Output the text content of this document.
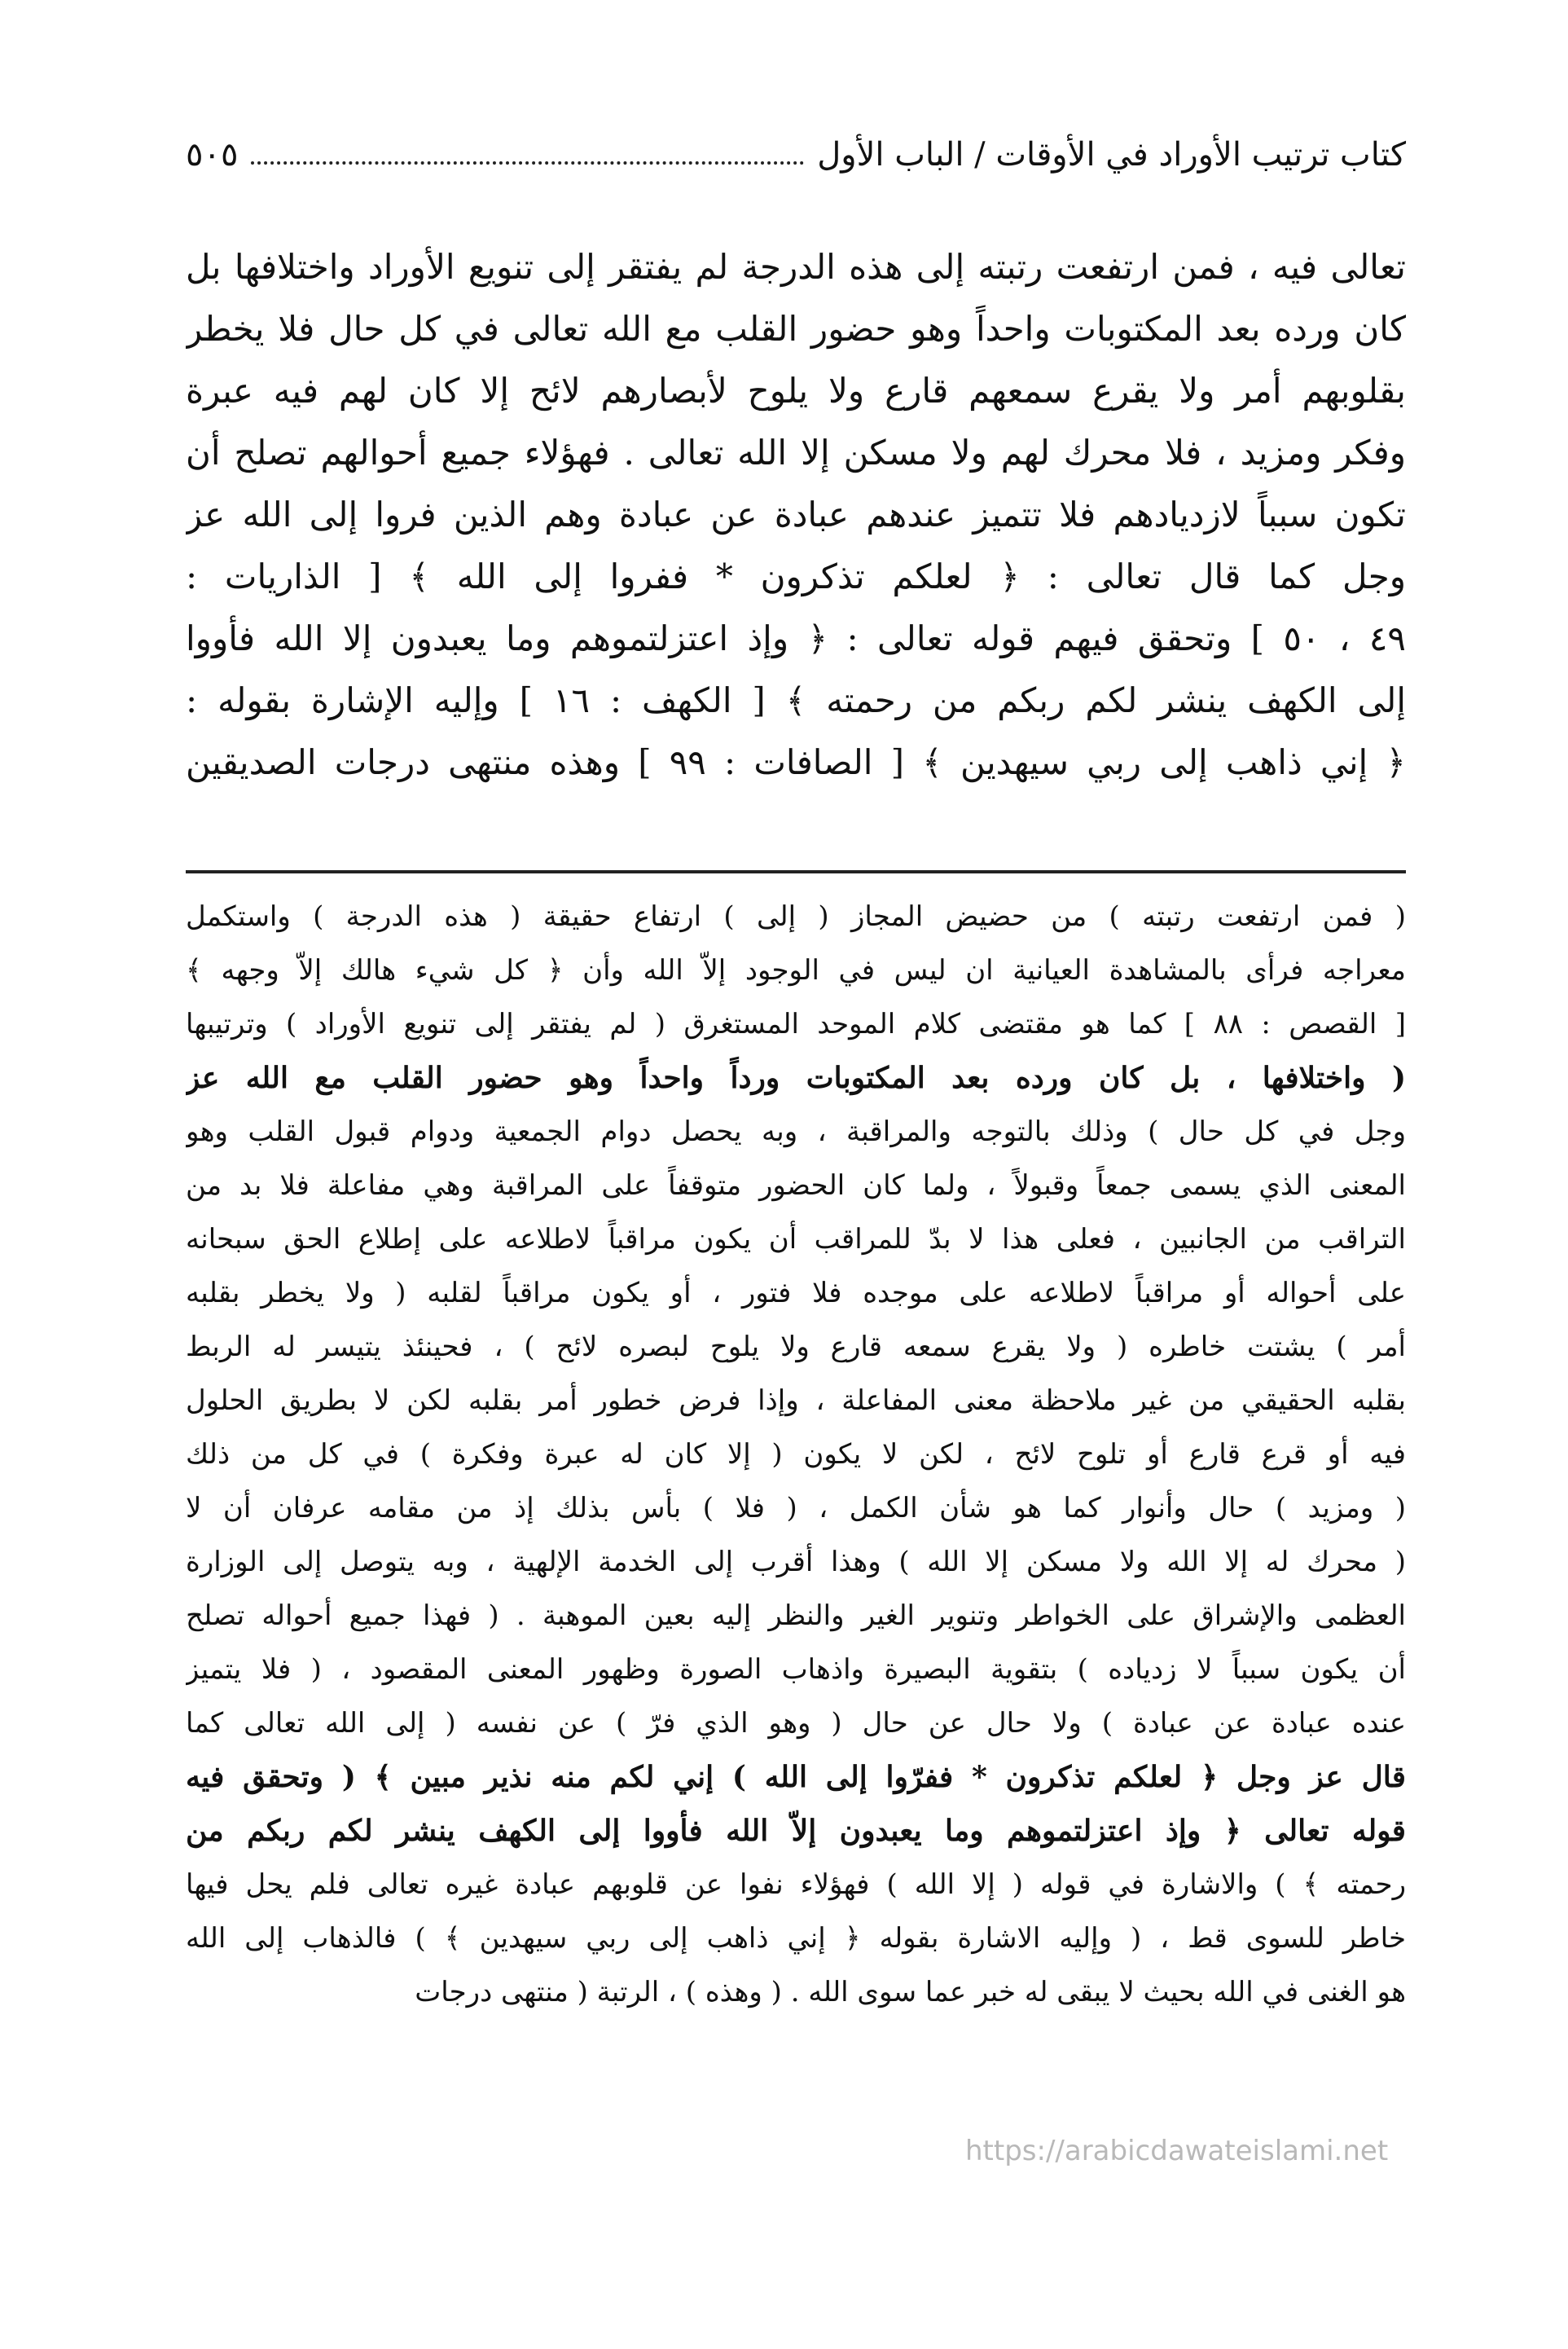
كتاب ترتيب الأوراد في الأوقات / الباب الأول
٥٠٥
تعالى فيه ، فمن ارتفعت رتبته إلى هذه الدرجة لم يفتقر إلى تنويع الأوراد واختلافها بل
كان ورده بعد المكتوبات واحداً وهو حضور القلب مع الله تعالى في كل حال فلا يخطر
بقلوبهم أمر ولا يقرع سمعهم قارع ولا يلوح لأبصارهم لائح إلا كان لهم فيه عبرة
وفكر ومزيد ، فلا محرك لهم ولا مسكن إلا الله تعالى . فهؤلاء جميع أحوالهم تصلح أن
تكون سبباً لازديادهم فلا تتميز عندهم عبادة عن عبادة وهم الذين فروا إلى الله عز
وجل كما قال تعالى : ﴿ لعلكم تذكرون * ففروا إلى الله ﴾ [ الذاريات :
٤٩ ، ٥٠ ] وتحقق فيهم قوله تعالى : ﴿ وإذ اعتزلتموهم وما يعبدون إلا الله فأووا
إلى الكهف ينشر لكم ربكم من رحمته ﴾ [ الكهف : ١٦ ] وإليه الإشارة بقوله :
﴿ إني ذاهب إلى ربي سيهدين ﴾ [ الصافات : ٩٩ ] وهذه منتهى درجات الصديقين
( فمن ارتفعت رتبته ) من حضيض المجاز ( إلى ) ارتفاع حقيقة ( هذه الدرجة ) واستكمل
معراجه فرأى بالمشاهدة العيانية ان ليس في الوجود إلاّ الله وأن ﴿ كل شيء هالك إلاّ وجهه ﴾
[ القصص : ٨٨ ] كما هو مقتضى كلام الموحد المستغرق ( لم يفتقر إلى تنويع الأوراد ) وترتيبها
( واختلافها ، بل كان ورده بعد المكتوبات ورداً واحداً وهو حضور القلب مع الله عز
وجل في كل حال ) وذلك بالتوجه والمراقبة ، وبه يحصل دوام الجمعية ودوام قبول القلب وهو
المعنى الذي يسمى جمعاً وقبولاً ، ولما كان الحضور متوقفاً على المراقبة وهي مفاعلة فلا بد من
التراقب من الجانبين ، فعلى هذا لا بدّ للمراقب أن يكون مراقباً لاطلاعه على إطلاع الحق سبحانه
على أحواله أو مراقباً لاطلاعه على موجده فلا فتور ، أو يكون مراقباً لقلبه ( ولا يخطر بقلبه
أمر ) يشتت خاطره ( ولا يقرع سمعه قارع ولا يلوح لبصره لائح ) ، فحينئذ يتيسر له الربط
بقلبه الحقيقي من غير ملاحظة معنى المفاعلة ، وإذا فرض خطور أمر بقلبه لكن لا بطريق الحلول
فيه أو قرع قارع أو تلوح لائح ، لكن لا يكون ( إلا كان له عبرة وفكرة ) في كل من ذلك
( ومزيد ) حال وأنوار كما هو شأن الكمل ، ( فلا ) بأس بذلك إذ من مقامه عرفان أن لا
( محرك له إلا الله ولا مسكن إلا الله ) وهذا أقرب إلى الخدمة الإلهية ، وبه يتوصل إلى الوزارة
العظمى والإشراق على الخواطر وتنوير الغير والنظر إليه بعين الموهبة . ( فهذا جميع أحواله تصلح
أن يكون سبباً لا زدياده ) بتقوية البصيرة واذهاب الصورة وظهور المعنى المقصود ، ( فلا يتميز
عنده عبادة عن عبادة ) ولا حال عن حال ( وهو الذي فرّ ) عن نفسه ( إلى الله تعالى كما
قال عز وجل ﴿ لعلكم تذكرون * ففرّوا إلى الله ) إني لكم منه نذير مبين ﴾ ( وتحقق فيه
قوله تعالى ﴿ وإذ اعتزلتموهم وما يعبدون إلاّ الله فأووا إلى الكهف ينشر لكم ربكم من
رحمته ﴾ ) والاشارة في قوله ( إلا الله ) فهؤلاء نفوا عن قلوبهم عبادة غيره تعالى فلم يحل فيها
خاطر للسوى قط ، ( وإليه الاشارة بقوله ﴿ إني ذاهب إلى ربي سيهدين ﴾ ) فالذهاب إلى الله
هو الغنى في الله بحيث لا يبقى له خبر عما سوى الله . ( وهذه ) ، الرتبة ( منتهى درجات
https://arabicdawateislami.net
